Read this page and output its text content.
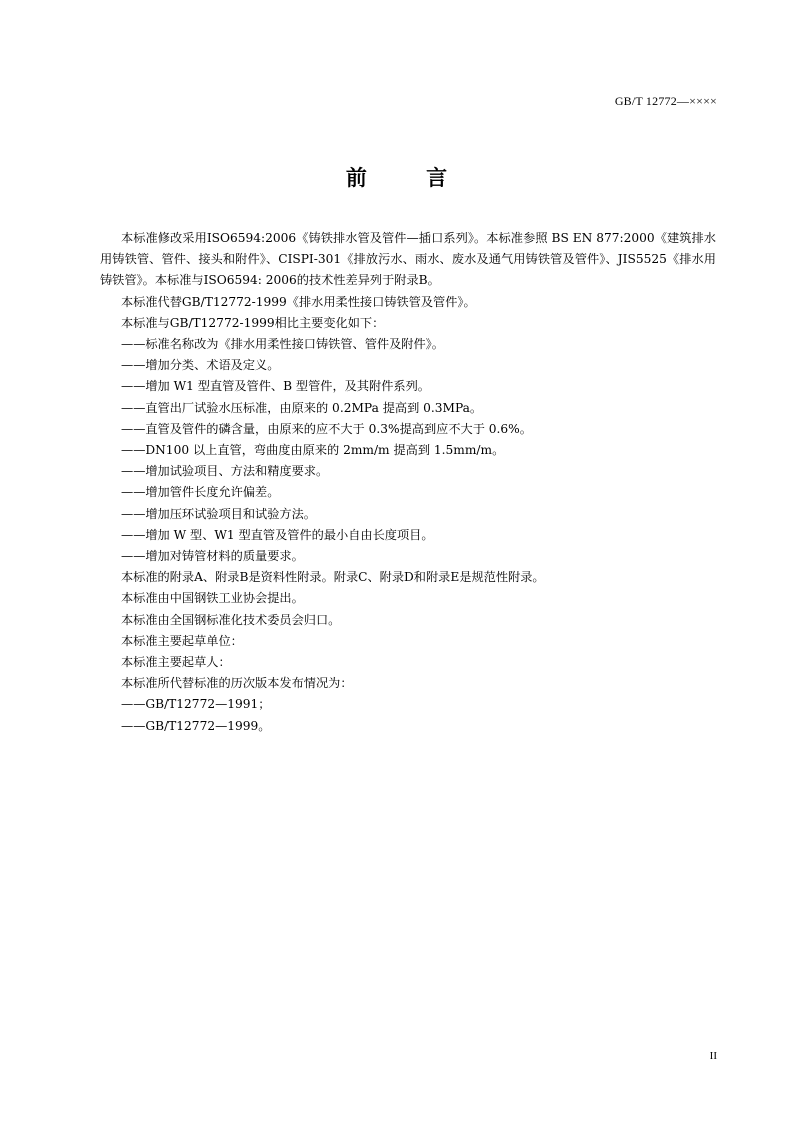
GB/T 12772—××××
前 言

本标准修改采用ISO6594:2006《铸铁排水管及管件—插口系列》。本标准参照 BS EN 877:2000《建筑排水用铸铁管、管件、接头和附件》、CISPI-301《排放污水、雨水、废水及通气用铸铁管及管件》、JIS5525《排水用铸铁管》。本标准与ISO6594: 2006的技术性差异列于附录B。

本标准代替GB/T12772-1999《排水用柔性接口铸铁管及管件》。

本标准与GB/T12772-1999相比主要变化如下：

——标准名称改为《排水用柔性接口铸铁管、管件及附件》。

——增加分类、术语及定义。

——增加 W1 型直管及管件、B 型管件，及其附件系列。

——直管出厂试验水压标准，由原来的 0.2MPa 提高到 0.3MPa。

——直管及管件的磷含量，由原来的应不大于 0.3%提高到应不大于 0.6%。

——DN100 以上直管，弯曲度由原来的 2mm/m 提高到 1.5mm/m。

——增加试验项目、方法和精度要求。

——增加管件长度允许偏差。

——增加压环试验项目和试验方法。

——增加 W 型、W1 型直管及管件的最小自由长度项目。

——增加对铸管材料的质量要求。

本标准的附录A、附录B是资料性附录。附录C、附录D和附录E是规范性附录。

本标准由中国钢铁工业协会提出。

本标准由全国钢标准化技术委员会归口。

本标准主要起草单位：

本标准主要起草人：

本标准所代替标准的历次版本发布情况为：

——GB/T12772—1991；

——GB/T12772—1999。

II
